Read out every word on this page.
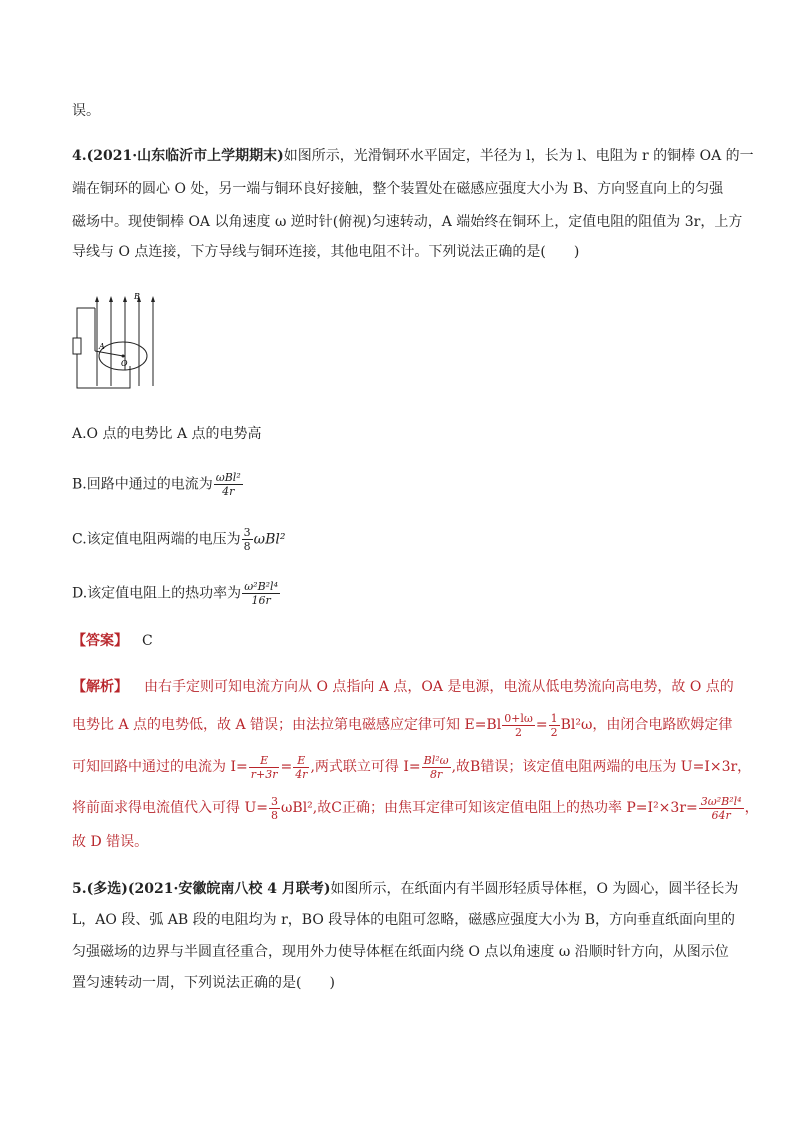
误。
4.(2021·山东临沂市上学期期末)如图所示，光滑铜环水平固定，半径为 l，长为 l、电阻为 r 的铜棒 OA 的一
端在铜环的圆心 O 处，另一端与铜环良好接触，整个装置处在磁感应强度大小为 B、方向竖直向上的匀强
磁场中。现使铜棒 OA 以角速度 ω 逆时针(俯视)匀速转动，A 端始终在铜环上，定值电阻的阻值为 3r，上方
导线与 O 点连接，下方导线与铜环连接，其他电阻不计。下列说法正确的是(　　)
B
A
O
A.O 点的电势比 A 点的电势高
B.回路中通过的电流为 $\frac{\text{ωBl²}}{4r}$
C.该定值电阻两端的电压为 $\frac{3}{8} \omega Bl^2$
D.该定值电阻上的热功率为 $\frac{\text{ω²B²l⁴}}{16r}$
【答案】 C
【解析】 由右手定则可知电流方向从 O 点指向 A 点，OA 是电源，电流从低电势流向高电势，故 O 点的
电势比 A 点的电势低，故 A 错误；由法拉第电磁感应定律可知 $E=Bl \frac{0+l\omega}{2} = \frac{1}{2} Bl^2\omega$，由闭合电路欧姆定律
可知回路中通过的电流为 $I= \frac{E}{r+3r} = \frac{E}{4r}$ ,两式联立可得 $I= \frac{\text{Bl²ω}}{8r}$ ,故B错误；该定值电阻两端的电压为 U=I×3r，
将前面求得电流值代入可得 $U= \frac{3}{8} \omega Bl^2$,故C正确；由焦耳定律可知该定值电阻上的热功率 $P=I^2\times 3r= \frac{\text{3ω²B²l⁴}}{64r}$ ，
故 D 错误。
5.(多选)(2021·安徽皖南八校 4 月联考)如图所示，在纸面内有半圆形轻质导体框，O 为圆心，圆半径长为
L，AO 段、弧 AB 段的电阻均为 r，BO 段导体的电阻可忽略，磁感应强度大小为 B，方向垂直纸面向里的
匀强磁场的边界与半圆直径重合，现用外力使导体框在纸面内绕 O 点以角速度 ω 沿顺时针方向，从图示位
置匀速转动一周，下列说法正确的是(　　)
